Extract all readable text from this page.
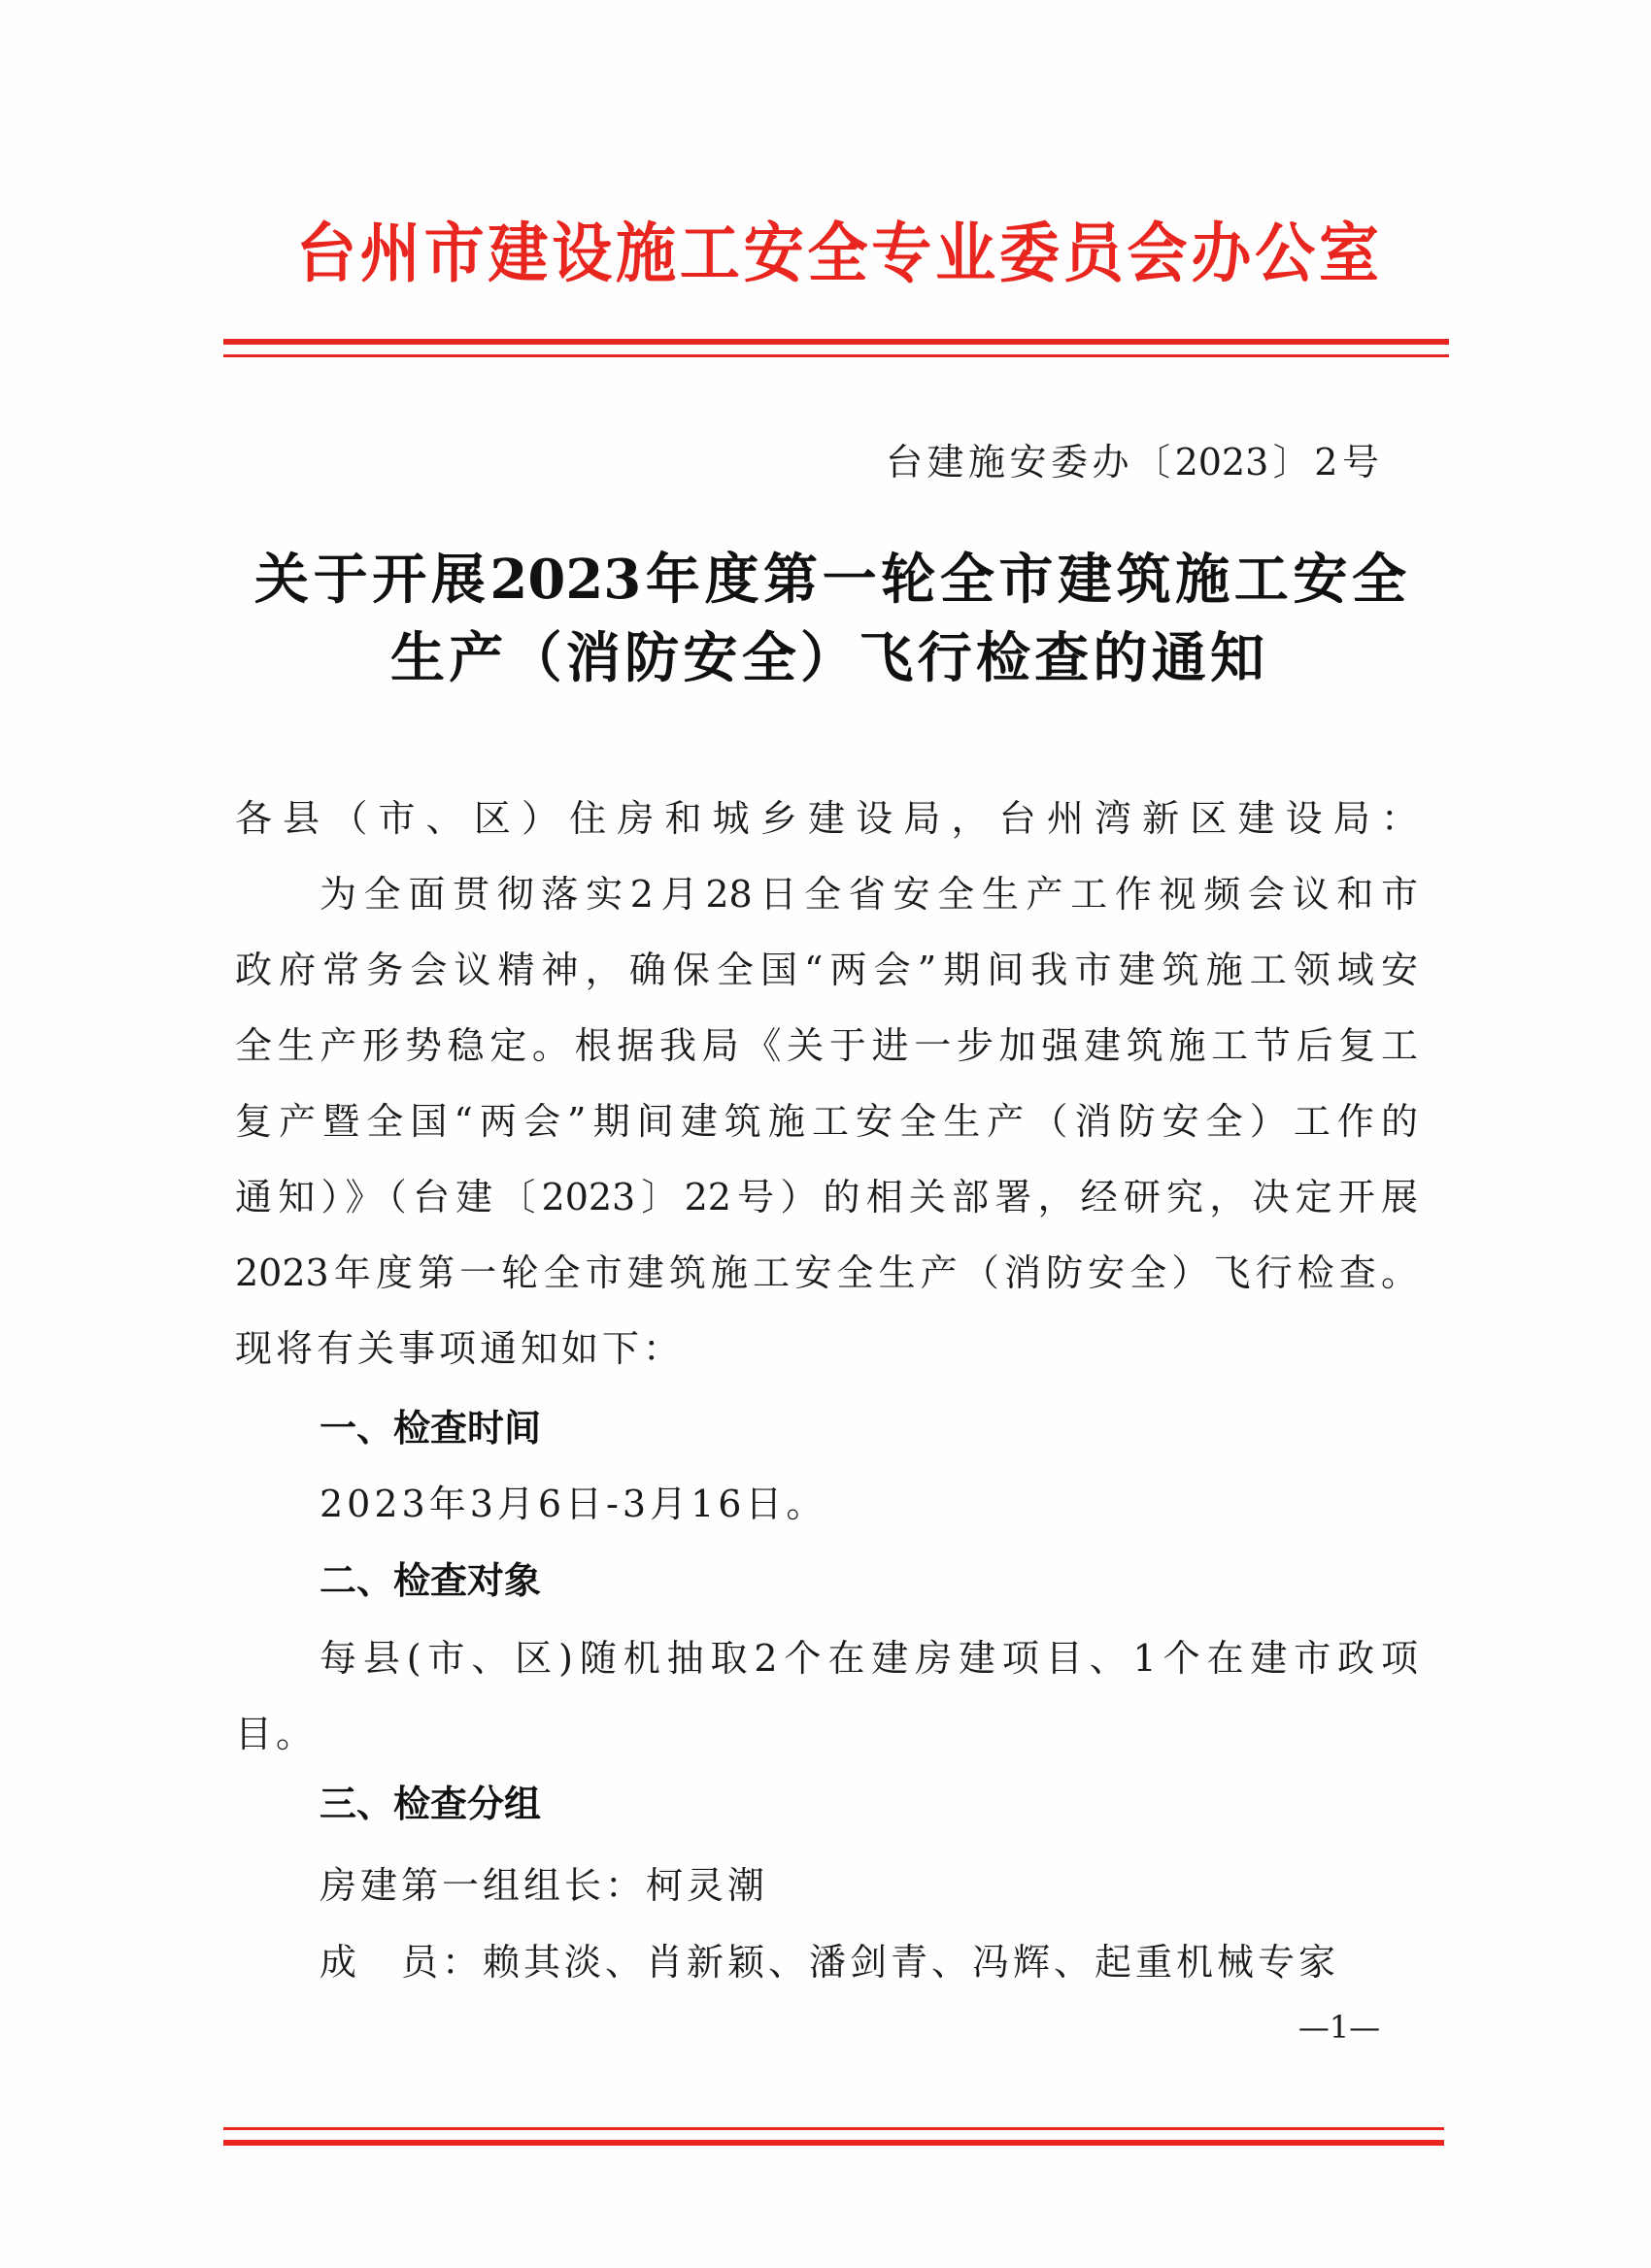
台州市建设施工安全专业委员会办公室
台建施安委办〔2023〕2号
关于开展2023年度第一轮全市建筑施工安全
生产（消防安全）飞行检查的通知
各县（市、区）住房和城乡建设局，台州湾新区建设局：
为全面贯彻落实2月28日全省安全生产工作视频会议和市
政府常务会议精神，确保全国“两会”期间我市建筑施工领域安
全生产形势稳定。根据我局《关于进一步加强建筑施工节后复工
复产暨全国“两会”期间建筑施工安全生产（消防安全）工作的
通知）》（台建〔2023〕22号）的相关部署，经研究，决定开展
2023年度第一轮全市建筑施工安全生产（消防安全）飞行检查。
现将有关事项通知如下：
一、检查时间
2023年3月6日-3月16日。
二、检查对象
每县(市、区)随机抽取2个在建房建项目、1个在建市政项
目。
三、检查分组
房建第一组组长：柯灵潮
成　员：赖其淡、肖新颖、潘剑青、冯辉、起重机械专家
—1—
